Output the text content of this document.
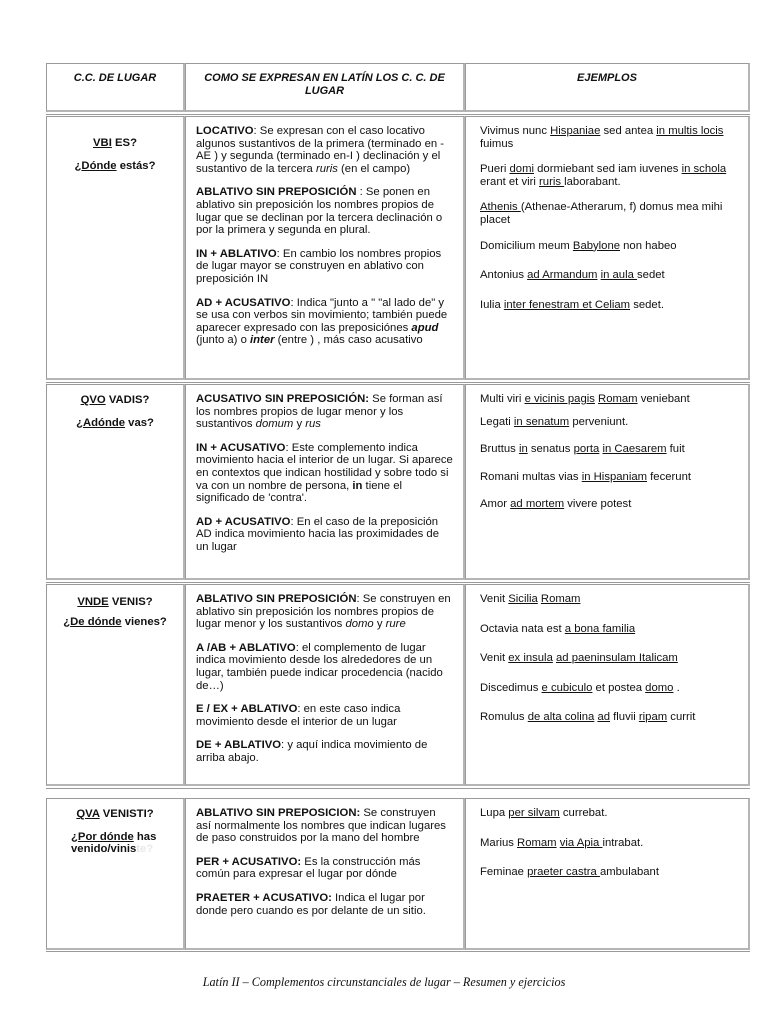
C.C. DE LUGAR	COMO SE EXPRESAN EN LATÍN LOS C. C. DE LUGAR
EJEMPLOS
VBI ES?
¿Dónde estás?

LOCATIVO: Se expresan con el caso locativo algunos sustantivos de la primera (terminado en -AE ) y segunda (terminado en-I ) declinación y el sustantivo de la tercera ruris (en el campo)

ABLATIVO SIN PREPOSICIÓN : Se ponen en ablativo sin preposición los nombres propios de lugar que se declinan por la tercera declinación o por la primera y segunda en plural.

IN + ABLATIVO: En cambio los nombres propios de lugar mayor se construyen en ablativo con preposición IN

AD + ACUSATIVO: Indica "junto a " "al lado de" y se usa con verbos sin movimiento; también puede aparecer expresado con las preposiciónes apud (junto a) o inter (entre ) , más caso acusativo

Vivimus nunc Hispaniae sed antea in multis locis fuimus

Pueri domi dormiebant sed iam iuvenes in schola erant et viri ruris laborabant.

Athenis (Athenae-Atherarum, f) domus mea mihi placet

Domicilium meum Babylone non habeo

Antonius ad Armandum in aula sedet

Iulia inter fenestram et Celiam sedet.

QVO VADIS?
¿Adónde vas?

ACUSATIVO SIN PREPOSICIÓN: Se forman así los nombres propios de lugar menor y los sustantivos domum y rus

IN + ACUSATIVO: Este complemento indica movimiento hacia el interior de un lugar. Si aparece en contextos que indican hostilidad y sobre todo si va con un nombre de persona, in tiene el significado de 'contra'.

AD + ACUSATIVO: En el caso de la preposición AD indica movimiento hacia las proximidades de un lugar

Multi viri e vicinis pagis Romam veniebant

Legati in senatum perveniunt.

Bruttus in senatus porta in Caesarem fuit

Romani multas vias in Hispaniam fecerunt

Amor ad mortem vivere potest

VNDE VENIS?
¿De dónde vienes?

ABLATIVO SIN PREPOSICIÓN: Se construyen en ablativo sin preposición los nombres propios de lugar menor y los sustantivos domo y rure

A /AB + ABLATIVO: el complemento de lugar indica movimiento desde los alrededores de un lugar, también puede indicar procedencia (nacido de…)

E / EX + ABLATIVO: en este caso indica movimiento desde el interior de un lugar

DE + ABLATIVO: y aquí indica movimiento de arriba abajo.

Venit Sicilia Romam

Octavia nata est a bona familia

Venit ex insula ad paeninsulam Italicam

Discedimus e cubiculo et postea domo .

Romulus de alta colina ad fluvii ripam currit

QVA VENISTI?
¿Por dónde has venido/viniste?

ABLATIVO SIN PREPOSICION: Se construyen así normalmente los nombres que indican lugares de paso construidos por la mano del hombre

PER + ACUSATIVO: Es la construcción más común para expresar el lugar por dónde

PRAETER + ACUSATIVO: Indica el lugar por donde pero cuando es por delante de un sitio.

Lupa per silvam currebat.

Marius Romam via Apia intrabat.

Feminae praeter castra ambulabant

Latín II – Complementos circunstanciales de lugar – Resumen y ejercicios
